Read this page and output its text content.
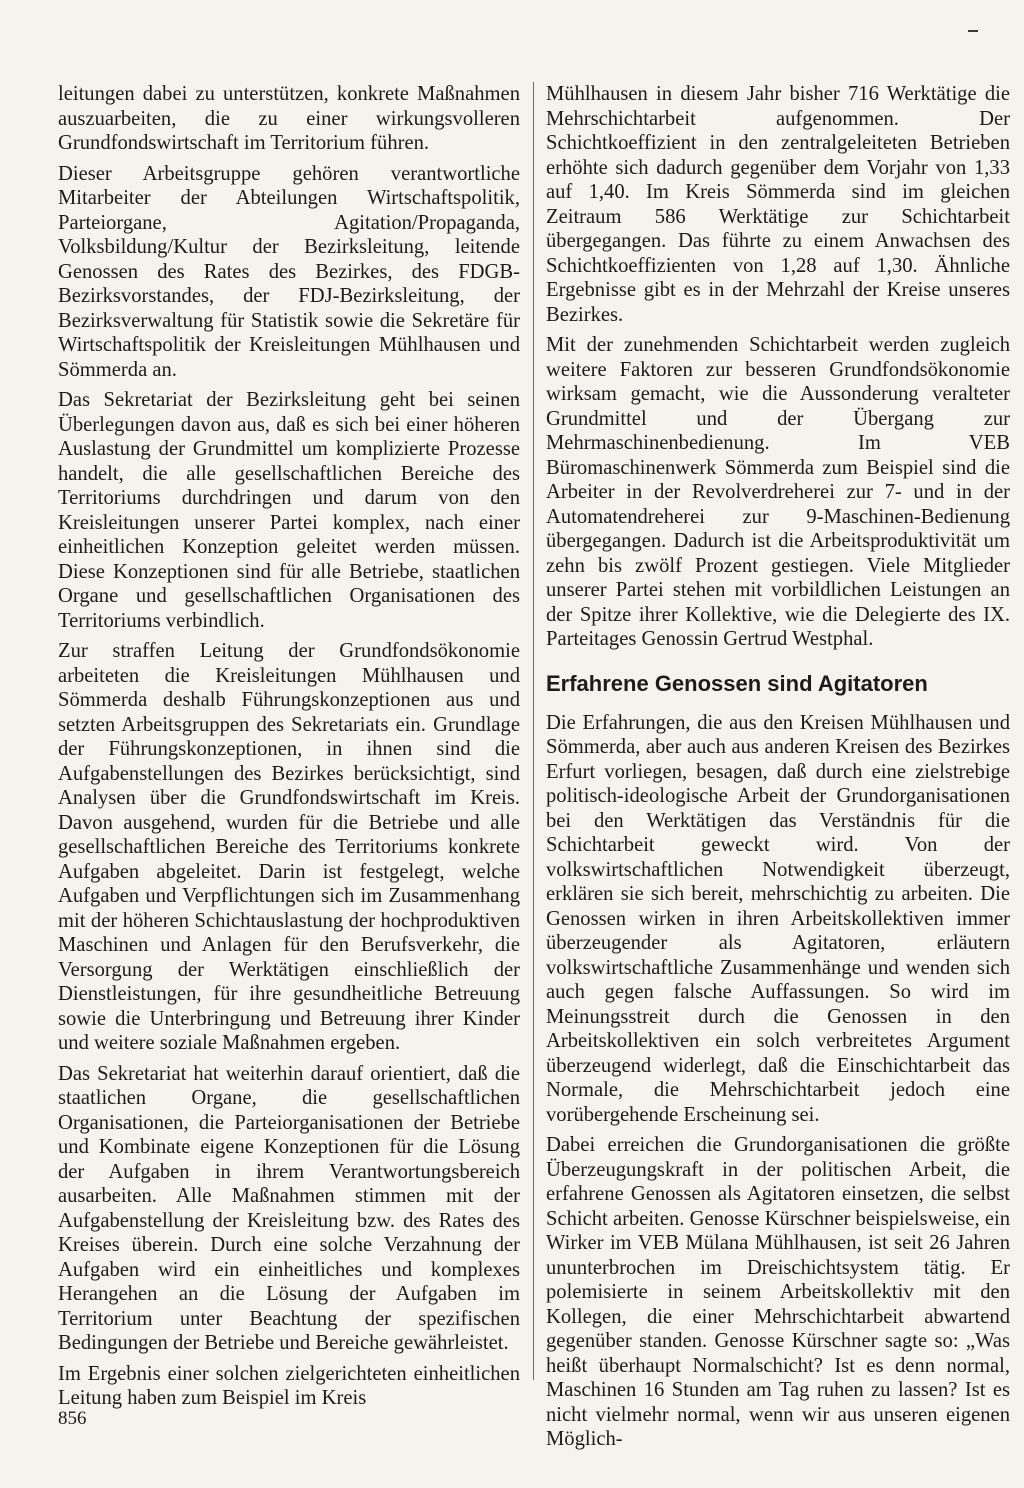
leitungen dabei zu unterstützen, konkrete Maßnahmen auszuarbeiten, die zu einer wirkungsvolleren Grundfondswirtschaft im Territorium führen.

Dieser Arbeitsgruppe gehören verantwortliche Mitarbeiter der Abteilungen Wirtschaftspolitik, Parteiorgane, Agitation/Propaganda, Volksbildung/Kultur der Bezirksleitung, leitende Genossen des Rates des Bezirkes, des FDGB-Bezirksvorstandes, der FDJ-Bezirksleitung, der Bezirksverwaltung für Statistik sowie die Sekretäre für Wirtschaftspolitik der Kreisleitungen Mühlhausen und Sömmerda an.

Das Sekretariat der Bezirksleitung geht bei seinen Überlegungen davon aus, daß es sich bei einer höheren Auslastung der Grundmittel um komplizierte Prozesse handelt, die alle gesellschaftlichen Bereiche des Territoriums durchdringen und darum von den Kreisleitungen unserer Partei komplex, nach einer einheitlichen Konzeption geleitet werden müssen. Diese Konzeptionen sind für alle Betriebe, staatlichen Organe und gesellschaftlichen Organisationen des Territoriums verbindlich.

Zur straffen Leitung der Grundfondsökonomie arbeiteten die Kreisleitungen Mühlhausen und Sömmerda deshalb Führungskonzeptionen aus und setzten Arbeitsgruppen des Sekretariats ein. Grundlage der Führungskonzeptionen, in ihnen sind die Aufgabenstellungen des Bezirkes berücksichtigt, sind Analysen über die Grundfondswirtschaft im Kreis. Davon ausgehend, wurden für die Betriebe und alle gesellschaftlichen Bereiche des Territoriums konkrete Aufgaben abgeleitet. Darin ist festgelegt, welche Aufgaben und Verpflichtungen sich im Zusammenhang mit der höheren Schichtauslastung der hochproduktiven Maschinen und Anlagen für den Berufsverkehr, die Versorgung der Werktätigen einschließlich der Dienstleistungen, für ihre gesundheitliche Betreuung sowie die Unterbringung und Betreuung ihrer Kinder und weitere soziale Maßnahmen ergeben.

Das Sekretariat hat weiterhin darauf orientiert, daß die staatlichen Organe, die gesellschaftlichen Organisationen, die Parteiorganisationen der Betriebe und Kombinate eigene Konzeptionen für die Lösung der Aufgaben in ihrem Verantwortungsbereich ausarbeiten. Alle Maßnahmen stimmen mit der Aufgabenstellung der Kreisleitung bzw. des Rates des Kreises überein. Durch eine solche Verzahnung der Aufgaben wird ein einheitliches und komplexes Herangehen an die Lösung der Aufgaben im Territorium unter Beachtung der spezifischen Bedingungen der Betriebe und Bereiche gewährleistet.

Im Ergebnis einer solchen zielgerichteten einheitlichen Leitung haben zum Beispiel im Kreis

Mühlhausen in diesem Jahr bisher 716 Werktätige die Mehrschichtarbeit aufgenommen. Der Schichtkoeffizient in den zentralgeleiteten Betrieben erhöhte sich dadurch gegenüber dem Vorjahr von 1,33 auf 1,40. Im Kreis Sömmerda sind im gleichen Zeitraum 586 Werktätige zur Schichtarbeit übergegangen. Das führte zu einem Anwachsen des Schichtkoeffizienten von 1,28 auf 1,30. Ähnliche Ergebnisse gibt es in der Mehrzahl der Kreise unseres Bezirkes.

Mit der zunehmenden Schichtarbeit werden zugleich weitere Faktoren zur besseren Grundfondsökonomie wirksam gemacht, wie die Aussonderung veralteter Grundmittel und der Übergang zur Mehrmaschinenbedienung. Im VEB Büromaschinenwerk Sömmerda zum Beispiel sind die Arbeiter in der Revolverdreherei zur 7- und in der Automatendreherei zur 9-Maschinen-Bedienung übergegangen. Dadurch ist die Arbeitsproduktivität um zehn bis zwölf Prozent gestiegen. Viele Mitglieder unserer Partei stehen mit vorbildlichen Leistungen an der Spitze ihrer Kollektive, wie die Delegierte des IX. Parteitages Genossin Gertrud Westphal.

Erfahrene Genossen sind Agitatoren

Die Erfahrungen, die aus den Kreisen Mühlhausen und Sömmerda, aber auch aus anderen Kreisen des Bezirkes Erfurt vorliegen, besagen, daß durch eine zielstrebige politisch-ideologische Arbeit der Grundorganisationen bei den Werktätigen das Verständnis für die Schichtarbeit geweckt wird. Von der volkswirtschaftlichen Notwendigkeit überzeugt, erklären sie sich bereit, mehrschichtig zu arbeiten. Die Genossen wirken in ihren Arbeitskollektiven immer überzeugender als Agitatoren, erläutern volkswirtschaftliche Zusammenhänge und wenden sich auch gegen falsche Auffassungen. So wird im Meinungsstreit durch die Genossen in den Arbeitskollektiven ein solch verbreitetes Argument überzeugend widerlegt, daß die Einschichtarbeit das Normale, die Mehrschichtarbeit jedoch eine vorübergehende Erscheinung sei.

Dabei erreichen die Grundorganisationen die größte Überzeugungskraft in der politischen Arbeit, die erfahrene Genossen als Agitatoren einsetzen, die selbst Schicht arbeiten. Genosse Kürschner beispielsweise, ein Wirker im VEB Mülana Mühlhausen, ist seit 26 Jahren ununterbrochen im Dreischichtsystem tätig. Er polemisierte in seinem Arbeitskollektiv mit den Kollegen, die einer Mehrschichtarbeit abwartend gegenüber standen. Genosse Kürschner sagte so: „Was heißt überhaupt Normalschicht? Ist es denn normal, Maschinen 16 Stunden am Tag ruhen zu lassen? Ist es nicht vielmehr normal, wenn wir aus unseren eigenen Möglich-

856
